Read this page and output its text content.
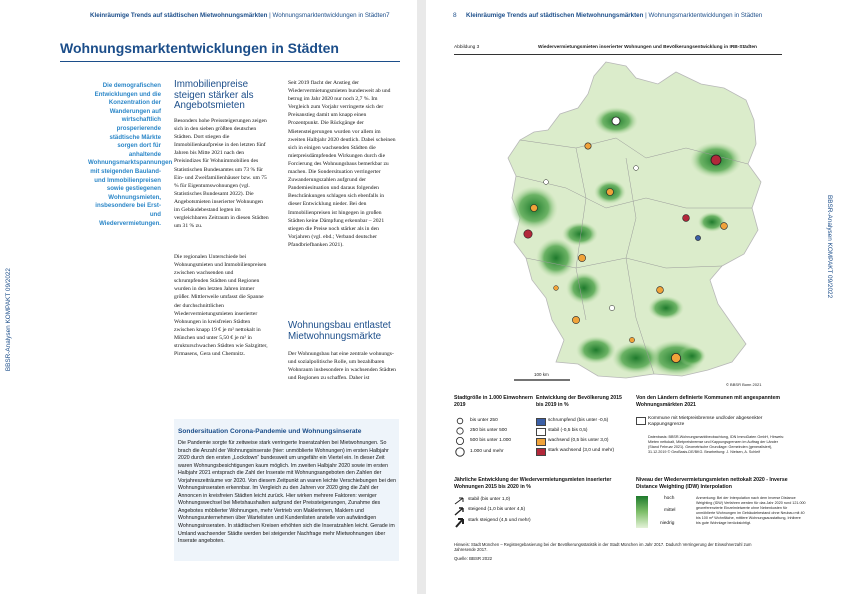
Kleinräumige Trends auf städtischen Mietwohnungsmärkten | Wohnungsmarktentwicklungen in Städten 7
BBSR-Analysen KOMPAKT 09/2022
Wohnungsmarktentwicklungen in Städten
Die demografischen Entwicklungen und die Konzentration der Wanderungen auf wirtschaftlich prosperierende städtische Märkte sorgen dort für anhaltende Wohnungsmarktspannungen mit steigenden Bauland- und Immobilienpreisen sowie gestiegenen Wohnungsmieten, insbesondere bei Erst- und Wiedervermietungen.
Immobilienpreise steigen stärker als Angebotsmieten
Besonders hohe Preissteigerungen zeigen sich in den sieben größten deutschen Städten. Dort stiegen die Immobilienkaufpreise in den letzten fünf Jahren bis Mitte 2021 nach den Preisindizes für Wohnimmobilien des Statistischen Bundesamtes um 73 % für Ein- und Zweifamilienhäuser bzw. um 75 % für Eigentumswohnungen (vgl. Statistisches Bundesamt 2022). Die Angebotsmieten inserierter Wohnungen im Gebäudebestand legten im vergleichbaren Zeitraum in diesen Städten um 31 % zu.
Die regionalen Unterschiede bei Wohnungsmieten und Immobilienpreisen zwischen wachsenden und schrumpfenden Städten und Regionen wurden in den letzten Jahren immer größer. Mittlerweile umfasst die Spanne der durchschnittlichen Wiedervermietungsmieten inserierter Wohnungen in kreisfreien Städten zwischen knapp 19 € je m² nettokalt in München und unter 5,50 € je m² in strukturschwachen Städten wie Salzgitter, Pirmasens, Gera und Chemnitz.
Seit 2019 flacht der Anstieg der Wiedervermietungsmieten bundesweit ab und betrug im Jahr 2020 nur noch 2,7 %. Im Vergleich zum Vorjahr verringerte sich der Preisanstieg damit um knapp einen Prozentpunkt. Die Rückgänge der Mietensteigerungen wurden vor allem im zweiten Halbjahr 2020 deutlich. Dabei scheinen sich in einigen wachsenden Städten die mietpreisdämpfenden Wirkungen durch die Forcierung des Wohnungsbaus bemerkbar zu machen. Die Sondersituation verringerter Zuwanderungszahlen aufgrund der Pandemiesituation und daraus folgenden Beschränkungen schlagen sich ebenfalls in dieser Entwicklung nieder. Bei den Immobilienpreisen ist hingegen in großen Städten keine Dämpfung erkennbar – 2021 stiegen die Preise noch stärker als in den Vorjahren (vgl. ebd.; Verband deutscher Pfandbriefbanken 2021).
Wohnungsbau entlastet Mietwohnungsmärkte
Der Wohnungsbau hat eine zentrale wohnungs- und sozialpolitische Rolle, um bezahlbaren Wohnraum insbesondere in wachsenden Städten und Regionen zu schaffen. Daher ist
Sondersituation Corona-Pandemie und Wohnungsinserate
Die Pandemie sorgte für zeitweise stark verringerte Inseratzahlen bei Mietwohnungen. So brach die Anzahl der Wohnungsinserate (hier: unmöblierte Wohnungen) im ersten Halbjahr 2020 durch den ersten „Lockdown“ bundesweit um ungefähr ein Viertel ein. In dieser Zeit waren Wohnungsbesichtigungen kaum möglich. Im zweiten Halbjahr 2020 sowie im ersten Halbjahr 2021 entsprach die Zahl der Inserate mit Wohnungsangeboten den Zahlen der Vorjahreszeiträume vor 2020. Von diesem Zeitpunkt an waren leichte Verschiebungen bei den Wohnungsinseraten erkennbar. Im Vergleich zu den Jahren vor 2020 ging die Zahl der Annoncen in kreisfreien Städten leicht zurück. Hier wirken mehrere Faktoren: weniger Wohnungswechsel bei Mietshaushalten aufgrund der Preissteigerungen, Zunahme des Angebotes möblierter Wohnungen, mehr Vertrieb von Maklerinnen, Maklern und Wohnungsunternehmen über Wartelisten und Kundenlisten anstelle von aufwändigen Wohnungsinseraten. In städtischen Kreisen erhöhten sich die Inseratzahlen leicht. Gerade im Umland wachsender Städte werden bei steigender Nachfrage mehr Mietwohnungen über Inserate angeboten.
8 Kleinräumige Trends auf städtischen Mietwohnungsmärkten | Wohnungsmarktentwicklungen in Städten
BBSR-Analysen KOMPAKT 09/2022
Abbildung 3	Wiedervermietungsmieten inserierter Wohnungen und Bevölkerungsentwicklung in IRB-Städten
100 km
© BBSR Bonn 2021
Stadtgröße in 1.000 Einwohnern 2019
bis unter 250
250 bis unter 500
500 bis unter 1.000
1.000 und mehr
Entwicklung der Bevölkerung 2015 bis 2019 in %
schrumpfend (bis unter -0,5)
stabil (-0,5 bis 0,5)
wachsend (0,5 bis unter 3,0)
stark wachsend (3,0 und mehr)
Von den Ländern definierte Kommunen mit angespanntem Wohnungsmärkten 2021
Kommune mit Mietpreisbremse und/oder abgesenkter Kappungsgrenze
Datenbasis: BBSR-Wohnungsmarktbeobachtung, IDN ImmoDaten GmbH, Hinweis: Mieten nettokalt, Mietpreisbremse und Kappungsgrenzen im Auftrag der Länder (Stand Februar 2021). Geometrische Grundlage: Gemeinden (generalisiert), 31.12.2019 © GeoBasis-DE/BKG. Bearbeitung: J. Nielsen, A. Schleif
Jährliche Entwicklung der Wiedervermietungsmieten inserierter Wohnungen 2015 bis 2020 in %
stabil (bis unter 1,0)
steigend (1,0 bis unter 4,5)
stark steigend (4,5 und mehr)
Niveau der Wiedervermietungsmieten nettokalt 2020 - Inverse Distance Weighting (IDW) Interpolation
hoch
mittel
niedrig
Anmerkung: Bei der Interpolation nach dem Inverse Distance Weighting (IDW) Verfahren werden für das Jahr 2020 rund 121.000 georeferenzierte Einzelmietwerte ohne Nebenkosten für unmöblierte Wohnungen im Gebäudebestand ohne Neubau mit 40 bis 100 m² Wohnfläche, mittlere Wohnungsausstattung, Inhibere bis gute Wohnlage berücksichtigt.
Hinweis: Stadt München – Registergebasierung bei der Bevölkerungsstatistik in der Stadt München im Jahr 2017. Dadurch Verringerung der Einwohnerzahl zum Jahresende 2017.
Quelle: BBSR 2022
